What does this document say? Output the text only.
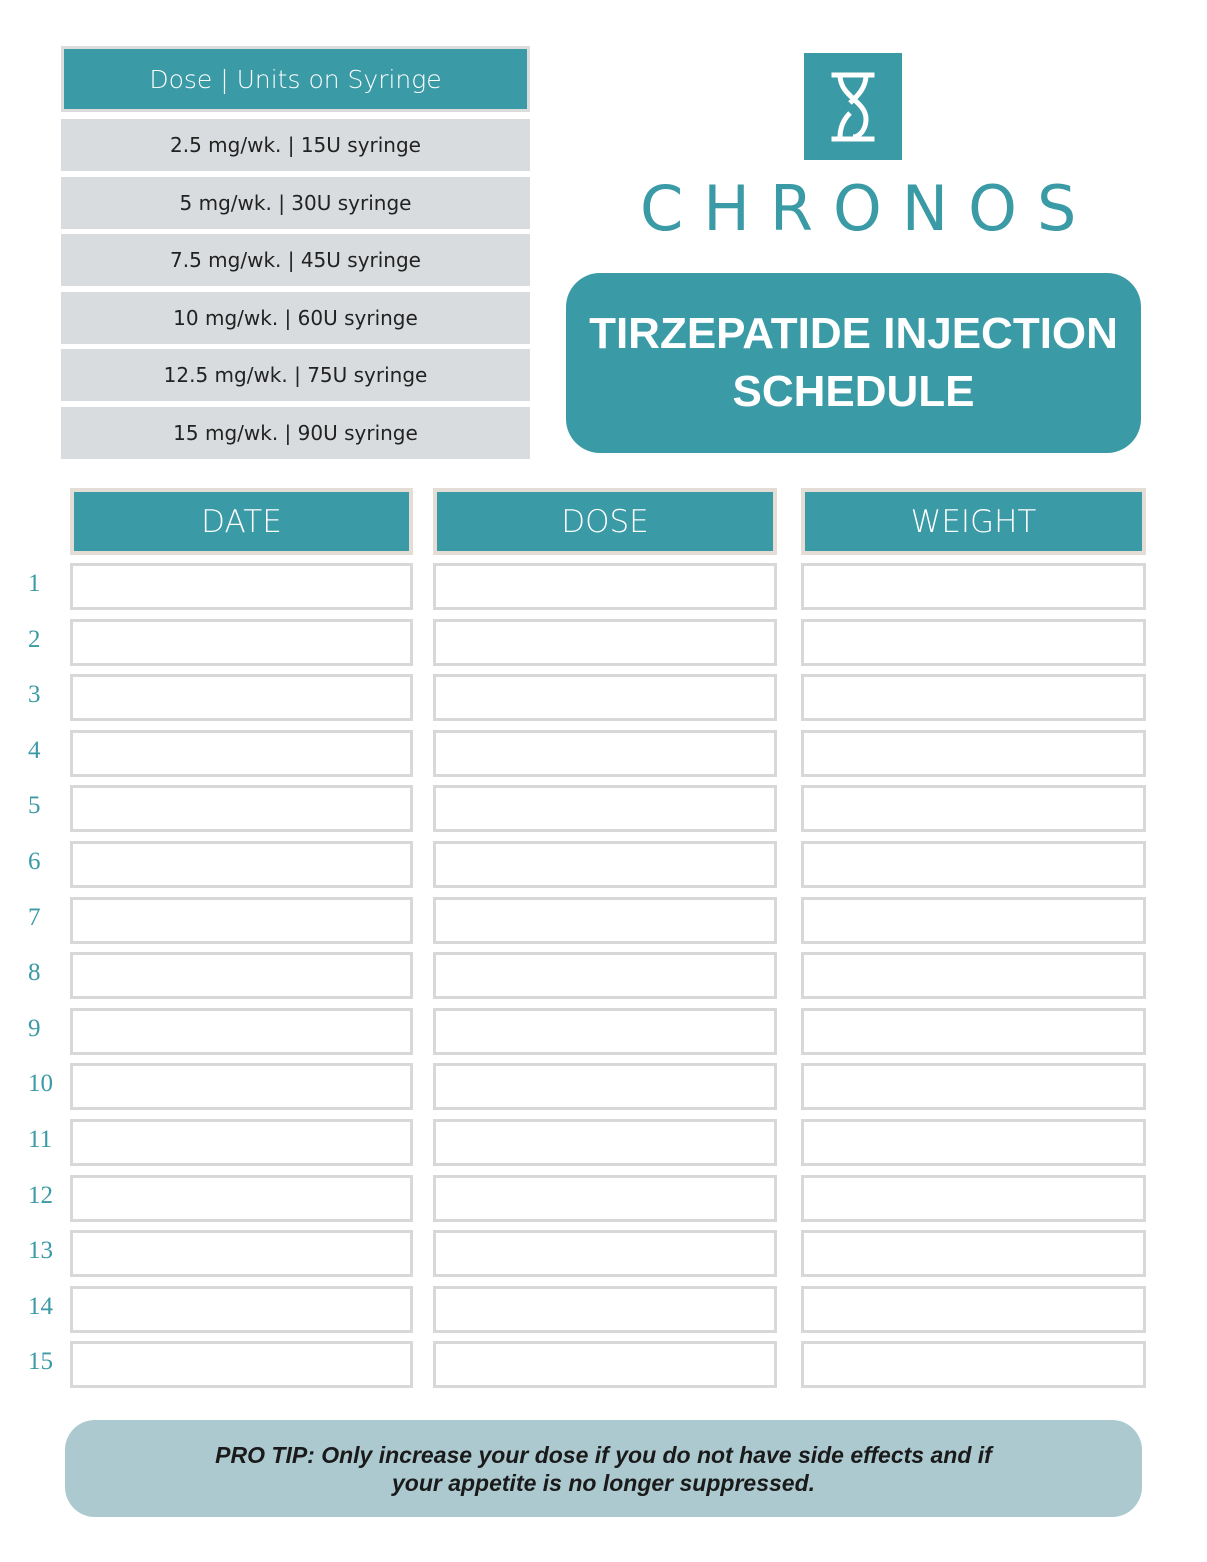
Dose | Units on Syringe
2.5 mg/wk. | 15U syringe
5 mg/wk. | 30U syringe
7.5 mg/wk. | 45U syringe
10 mg/wk. | 60U syringe
12.5 mg/wk. | 75U syringe
15 mg/wk. | 90U syringe
CHRONOS
TIRZEPATIDE INJECTION
SCHEDULE
DATE	DOSE	WEIGHT
1
2
3
4
5
6
7
8
9
10
11
12
13
14
15
PRO TIP: Only increase your dose if you do not have side effects and if
your appetite is no longer suppressed.
